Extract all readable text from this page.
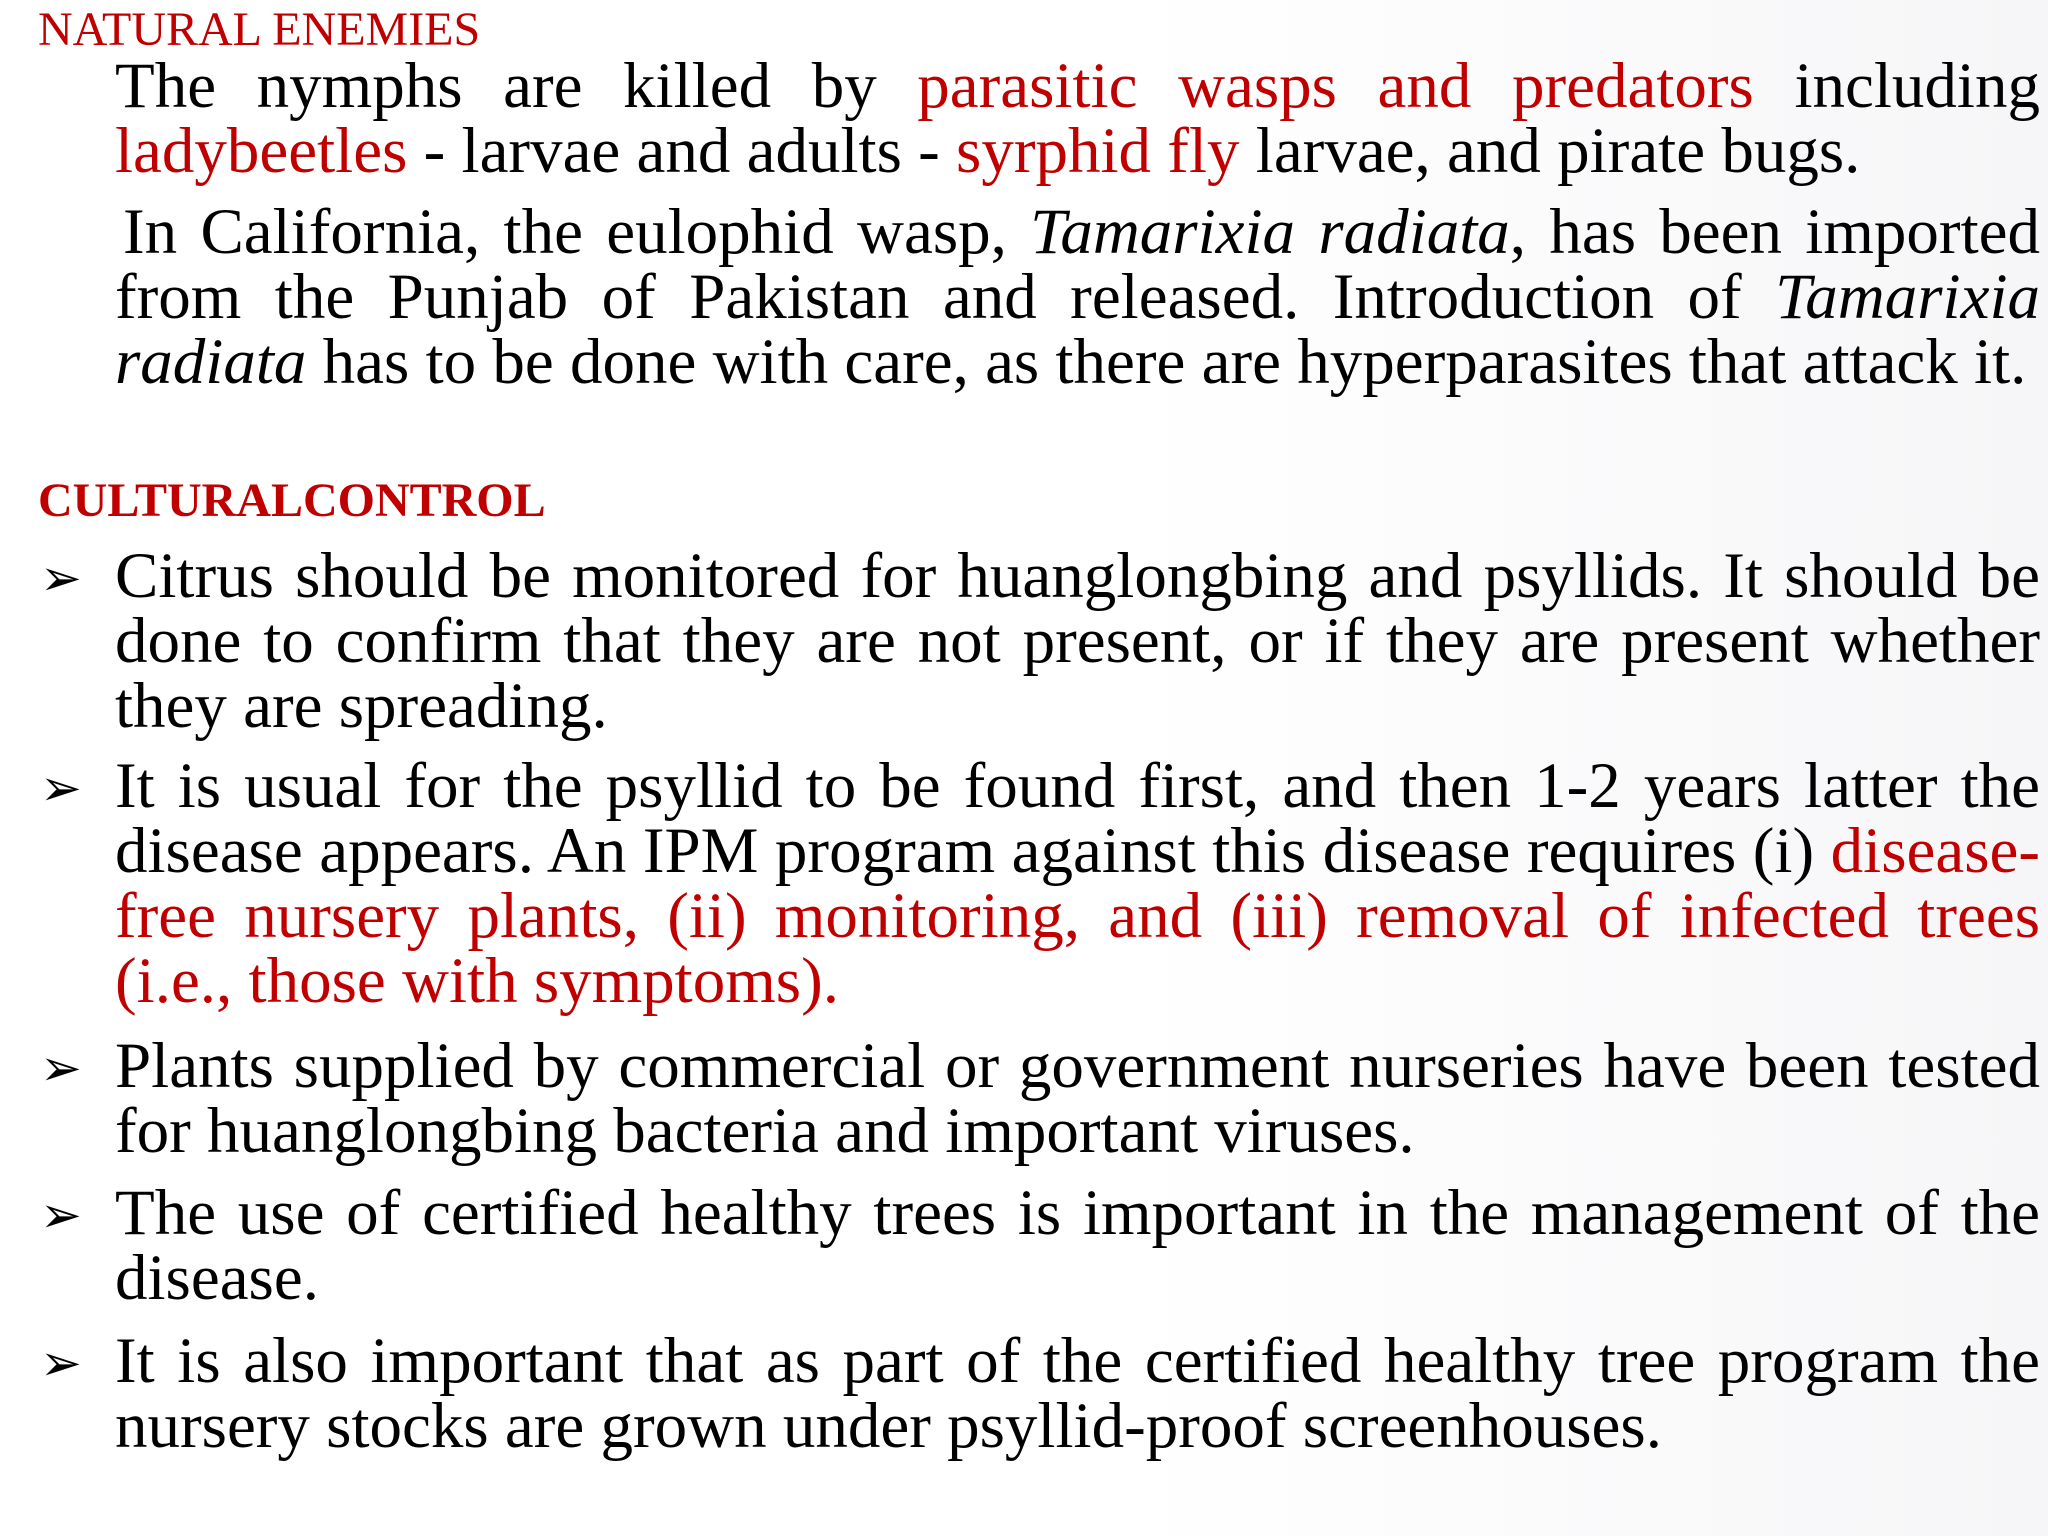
NATURAL ENEMIES

The nymphs are killed by parasitic wasps and predators including ladybeetles - larvae and adults - syrphid fly larvae, and pirate bugs.

In California, the eulophid wasp, Tamarixia radiata, has been imported from the Punjab of Pakistan and released. Introduction of Tamarixia radiata has to be done with care, as there are hyperparasites that attack it.

CULTURALCONTROL
➢ Citrus should be monitored for huanglongbing and psyllids. It should be done to confirm that they are not present, or if they are present whether they are spreading.

➢ It is usual for the psyllid to be found first, and then 1-2 years latter the disease appears. An IPM program against this disease requires (i) disease-free nursery plants, (ii) monitoring, and (iii) removal of infected trees (i.e., those with symptoms).

➢ Plants supplied by commercial or government nurseries have been tested for huanglongbing bacteria and important viruses.

➢ The use of certified healthy trees is important in the management of the disease.

➢ It is also important that as part of the certified healthy tree program the nursery stocks are grown under psyllid-proof screenhouses.
